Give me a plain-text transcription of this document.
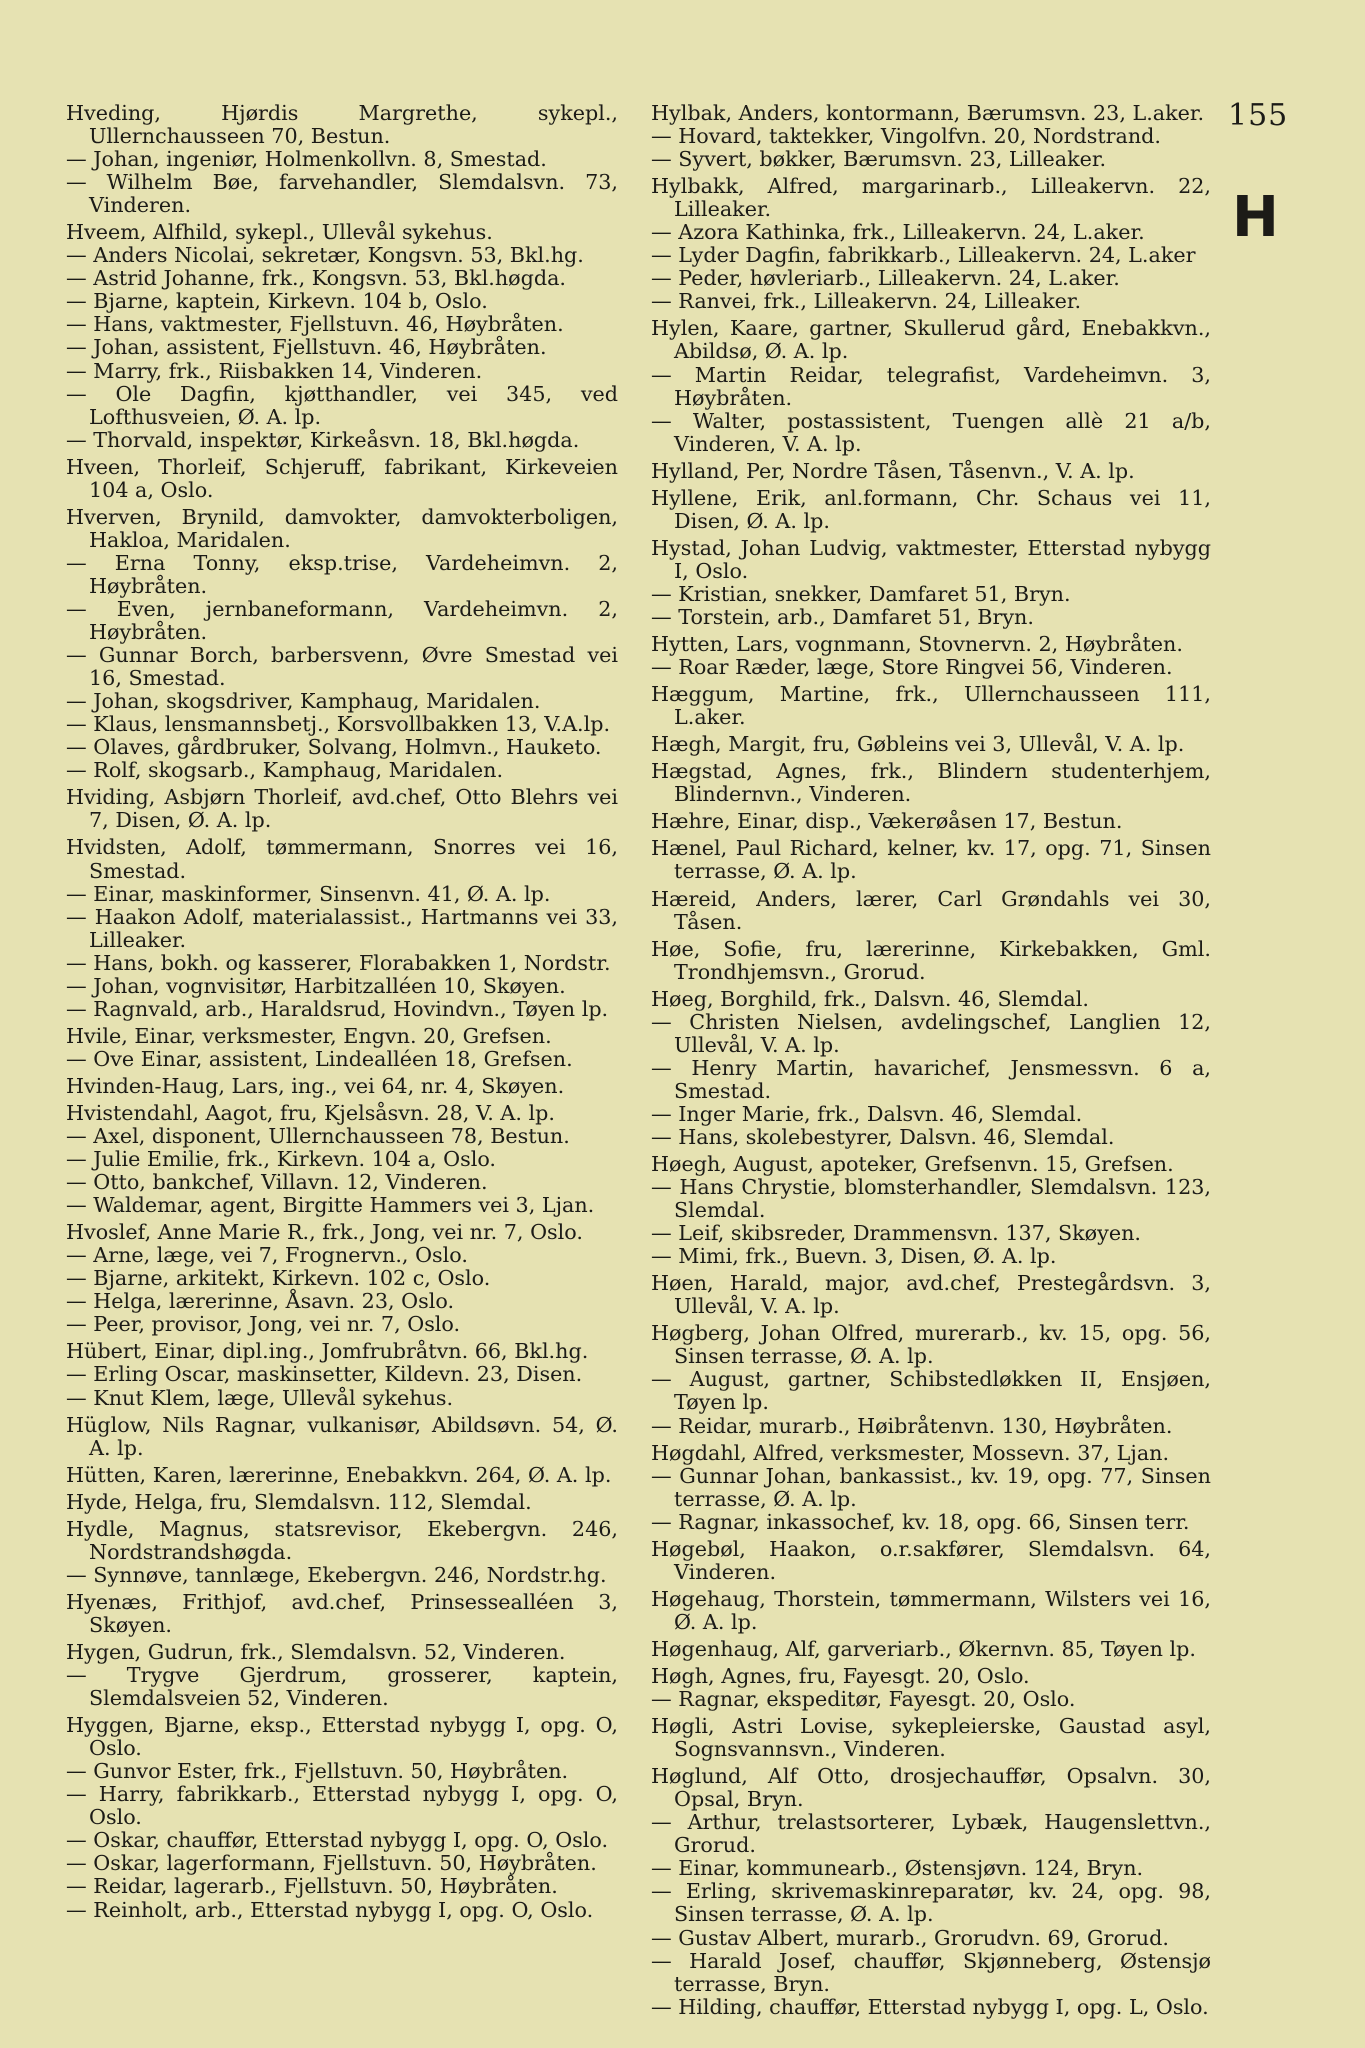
155
H
Hveding, Hjørdis Margrethe, sykepl., Ullernchausseen 70, Bestun.
— Johan, ingeniør, Holmenkollvn. 8, Smestad.
— Wilhelm Bøe, farvehandler, Slemdalsvn. 73, Vinderen.
Hveem, Alfhild, sykepl., Ullevål sykehus.
— Anders Nicolai, sekretær, Kongsvn. 53, Bkl.hg.
— Astrid Johanne, frk., Kongsvn. 53, Bkl.høgda.
— Bjarne, kaptein, Kirkevn. 104 b, Oslo.
— Hans, vaktmester, Fjellstuvn. 46, Høybråten.
— Johan, assistent, Fjellstuvn. 46, Høybråten.
— Marry, frk., Riisbakken 14, Vinderen.
— Ole Dagfin, kjøtthandler, vei 345, ved Lofthusveien, Ø. A. lp.
— Thorvald, inspektør, Kirkeåsvn. 18, Bkl.høgda.
Hveen, Thorleif, Schjeruff, fabrikant, Kirkeveien 104 a, Oslo.
Hverven, Brynild, damvokter, damvokterboligen, Hakloa, Maridalen.
— Erna Tonny, eksp.trise, Vardeheimvn. 2, Høybråten.
— Even, jernbaneformann, Vardeheimvn. 2, Høybråten.
— Gunnar Borch, barbersvenn, Øvre Smestad vei 16, Smestad.
— Johan, skogsdriver, Kamphaug, Maridalen.
— Klaus, lensmannsbetj., Korsvollbakken 13, V.A.lp.
— Olaves, gårdbruker, Solvang, Holmvn., Hauketo.
— Rolf, skogsarb., Kamphaug, Maridalen.
Hviding, Asbjørn Thorleif, avd.chef, Otto Blehrs vei 7, Disen, Ø. A. lp.
Hvidsten, Adolf, tømmermann, Snorres vei 16, Smestad.
— Einar, maskinformer, Sinsenvn. 41, Ø. A. lp.
— Haakon Adolf, materialassist., Hartmanns vei 33, Lilleaker.
— Hans, bokh. og kasserer, Florabakken 1, Nordstr.
— Johan, vognvisitør, Harbitzalléen 10, Skøyen.
— Ragnvald, arb., Haraldsrud, Hovindvn., Tøyen lp.
Hvile, Einar, verksmester, Engvn. 20, Grefsen.
— Ove Einar, assistent, Lindealléen 18, Grefsen.
Hvinden-Haug, Lars, ing., vei 64, nr. 4, Skøyen.
Hvistendahl, Aagot, fru, Kjelsåsvn. 28, V. A. lp.
— Axel, disponent, Ullernchausseen 78, Bestun.
— Julie Emilie, frk., Kirkevn. 104 a, Oslo.
— Otto, bankchef, Villavn. 12, Vinderen.
— Waldemar, agent, Birgitte Hammers vei 3, Ljan.
Hvoslef, Anne Marie R., frk., Jong, vei nr. 7, Oslo.
— Arne, læge, vei 7, Frognervn., Oslo.
— Bjarne, arkitekt, Kirkevn. 102 c, Oslo.
— Helga, lærerinne, Åsavn. 23, Oslo.
— Peer, provisor, Jong, vei nr. 7, Oslo.
Hübert, Einar, dipl.ing., Jomfrubråtvn. 66, Bkl.hg.
— Erling Oscar, maskinsetter, Kildevn. 23, Disen.
— Knut Klem, læge, Ullevål sykehus.
Hüglow, Nils Ragnar, vulkanisør, Abildsøvn. 54, Ø. A. lp.
Hütten, Karen, lærerinne, Enebakkvn. 264, Ø. A. lp.
Hyde, Helga, fru, Slemdalsvn. 112, Slemdal.
Hydle, Magnus, statsrevisor, Ekebergvn. 246, Nordstrandshøgda.
— Synnøve, tannlæge, Ekebergvn. 246, Nordstr.hg.
Hyenæs, Frithjof, avd.chef, Prinsessealléen 3, Skøyen.
Hygen, Gudrun, frk., Slemdalsvn. 52, Vinderen.
— Trygve Gjerdrum, grosserer, kaptein, Slemdalsveien 52, Vinderen.
Hyggen, Bjarne, eksp., Etterstad nybygg I, opg. O, Oslo.
— Gunvor Ester, frk., Fjellstuvn. 50, Høybråten.
— Harry, fabrikkarb., Etterstad nybygg I, opg. O, Oslo.
— Oskar, chauffør, Etterstad nybygg I, opg. O, Oslo.
— Oskar, lagerformann, Fjellstuvn. 50, Høybråten.
— Reidar, lagerarb., Fjellstuvn. 50, Høybråten.
— Reinholt, arb., Etterstad nybygg I, opg. O, Oslo.
Hylbak, Anders, kontormann, Bærumsvn. 23, L.aker.
— Hovard, taktekker, Vingolfvn. 20, Nordstrand.
— Syvert, bøkker, Bærumsvn. 23, Lilleaker.
Hylbakk, Alfred, margarinarb., Lilleakervn. 22, Lilleaker.
— Azora Kathinka, frk., Lilleakervn. 24, L.aker.
— Lyder Dagfin, fabrikkarb., Lilleakervn. 24, L.aker
— Peder, høvleriarb., Lilleakervn. 24, L.aker.
— Ranvei, frk., Lilleakervn. 24, Lilleaker.
Hylen, Kaare, gartner, Skullerud gård, Enebakkvn., Abildsø, Ø. A. lp.
— Martin Reidar, telegrafist, Vardeheimvn. 3, Høybråten.
— Walter, postassistent, Tuengen allè 21 a/b, Vinderen, V. A. lp.
Hylland, Per, Nordre Tåsen, Tåsenvn., V. A. lp.
Hyllene, Erik, anl.formann, Chr. Schaus vei 11, Disen, Ø. A. lp.
Hystad, Johan Ludvig, vaktmester, Etterstad nybygg I, Oslo.
— Kristian, snekker, Damfaret 51, Bryn.
— Torstein, arb., Damfaret 51, Bryn.
Hytten, Lars, vognmann, Stovnervn. 2, Høybråten.
— Roar Ræder, læge, Store Ringvei 56, Vinderen.
Hæggum, Martine, frk., Ullernchausseen 111, L.aker.
Hægh, Margit, fru, Gøbleins vei 3, Ullevål, V. A. lp.
Hægstad, Agnes, frk., Blindern studenterhjem, Blindernvn., Vinderen.
Hæhre, Einar, disp., Vækerøåsen 17, Bestun.
Hænel, Paul Richard, kelner, kv. 17, opg. 71, Sinsen terrasse, Ø. A. lp.
Hæreid, Anders, lærer, Carl Grøndahls vei 30, Tåsen.
Høe, Sofie, fru, lærerinne, Kirkebakken, Gml. Trondhjemsvn., Grorud.
Høeg, Borghild, frk., Dalsvn. 46, Slemdal.
— Christen Nielsen, avdelingschef, Langlien 12, Ullevål, V. A. lp.
— Henry Martin, havarichef, Jensmessvn. 6 a, Smestad.
— Inger Marie, frk., Dalsvn. 46, Slemdal.
— Hans, skolebestyrer, Dalsvn. 46, Slemdal.
Høegh, August, apoteker, Grefsenvn. 15, Grefsen.
— Hans Chrystie, blomsterhandler, Slemdalsvn. 123, Slemdal.
— Leif, skibsreder, Drammensvn. 137, Skøyen.
— Mimi, frk., Buevn. 3, Disen, Ø. A. lp.
Høen, Harald, major, avd.chef, Prestegårdsvn. 3, Ullevål, V. A. lp.
Høgberg, Johan Olfred, murerarb., kv. 15, opg. 56, Sinsen terrasse, Ø. A. lp.
— August, gartner, Schibstedløkken II, Ensjøen, Tøyen lp.
— Reidar, murarb., Høibråtenvn. 130, Høybråten.
Høgdahl, Alfred, verksmester, Mossevn. 37, Ljan.
— Gunnar Johan, bankassist., kv. 19, opg. 77, Sinsen terrasse, Ø. A. lp.
— Ragnar, inkassochef, kv. 18, opg. 66, Sinsen terr.
Høgebøl, Haakon, o.r.sakfører, Slemdalsvn. 64, Vinderen.
Høgehaug, Thorstein, tømmermann, Wilsters vei 16, Ø. A. lp.
Høgenhaug, Alf, garveriarb., Økernvn. 85, Tøyen lp.
Høgh, Agnes, fru, Fayesgt. 20, Oslo.
— Ragnar, ekspeditør, Fayesgt. 20, Oslo.
Høgli, Astri Lovise, sykepleierske, Gaustad asyl, Sognsvannsvn., Vinderen.
Høglund, Alf Otto, drosjechauffør, Opsalvn. 30, Opsal, Bryn.
— Arthur, trelastsorterer, Lybæk, Haugenslettvn., Grorud.
— Einar, kommunearb., Østensjøvn. 124, Bryn.
— Erling, skrivemaskinreparatør, kv. 24, opg. 98, Sinsen terrasse, Ø. A. lp.
— Gustav Albert, murarb., Grorudvn. 69, Grorud.
— Harald Josef, chauffør, Skjønneberg, Østensjø terrasse, Bryn.
— Hilding, chauffør, Etterstad nybygg I, opg. L, Oslo.
